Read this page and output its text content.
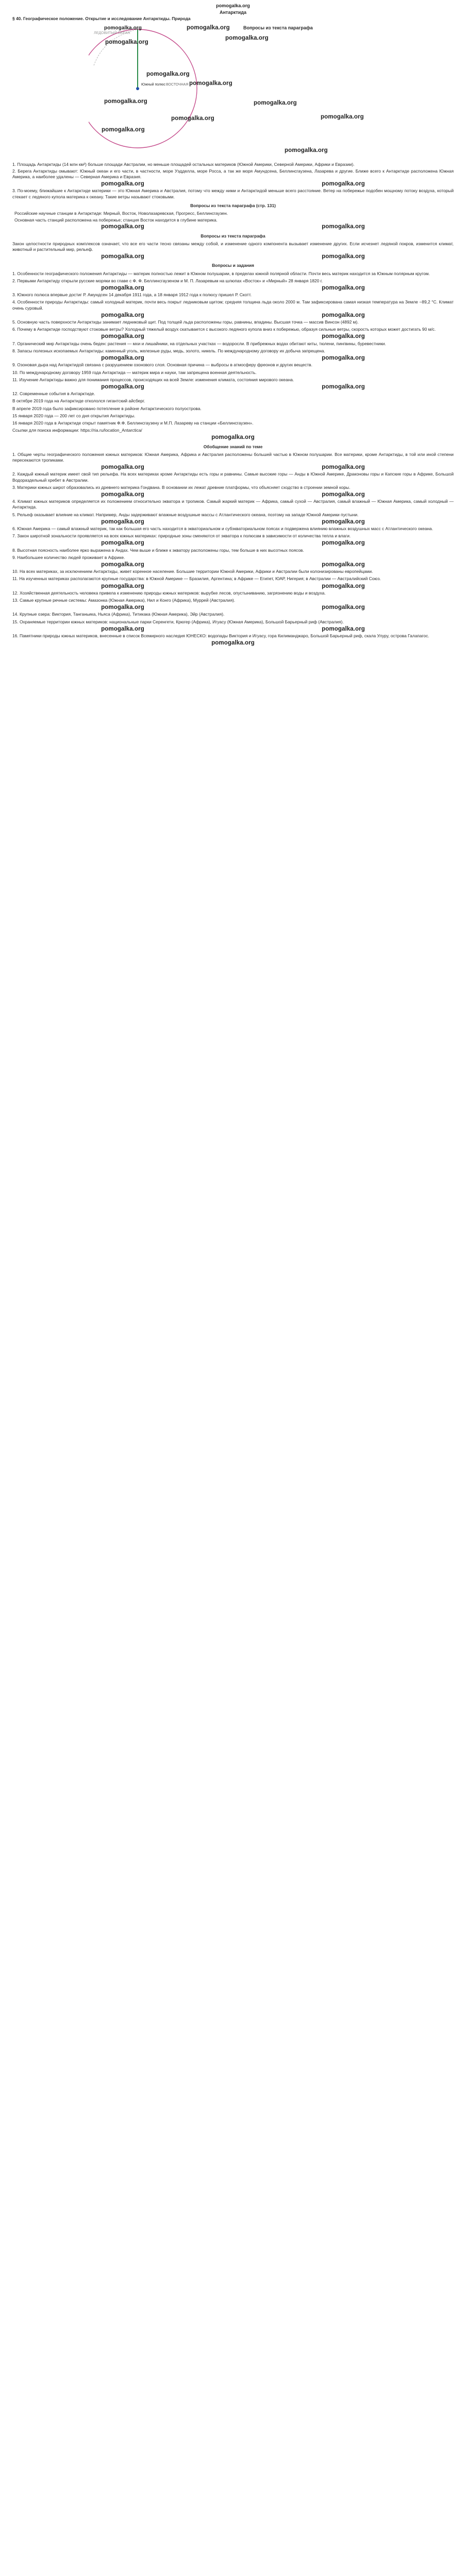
pomogalka.org
Антарктида
§ 40. Географическое положение. Открытие и исследование Антарктиды. Природа
pomogalka.org	pomogalka.org
ЛЕДОВИТЫЙ ОКЕАН
Южный полюс ВОСТОЧНАЯ
pomogalka.org
pomogalka.org
pomogalka.org
pomogalka.org
pomogalka.org
pomogalka.org
pomogalka.org
pomogalka.org	pomogalka.org
pomogalka.org
Вопросы из текста параграфа
1. Площадь Антарктиды (14 млн км²) больше площади Австралии, но меньше площадей остальных материков (Южной Америки, Северной Америки, Африки и Евразии).
2. Берега Антарктиды омывают: Южный океан и его части, в частности, море Уэдделла, море Росса, а так же моря Амундсена, Беллинсгаузена, Лазарева и другие. Ближе всего к Антарктиде расположена Южная Америка, а наиболее удалены — Северная Америка и Евразия.
pomogalka.org	pomogalka.org
3. По-моему, ближайшие к Антарктиде материки — это Южная Америка и Австралия, потому что между ними и Антарктидой меньше всего расстояние. Ветер на побережье подобен мощному потоку воздуха, который стекает с ледяного купола материка к океану. Такие ветры называют стоковыми.
Вопросы из текста параграфа (стр. 131)
Российские научные станции в Антарктиде: Мирный, Восток, Новолазаревская, Прогресс, Беллинсгаузен.
Основная часть станций расположена на побережье; станция Восток находится в глубине материка.
pomogalka.org	pomogalka.org
Вопросы из текста параграфа
Закон целостности природных комплексов означает, что все его части тесно связаны между собой, и изменение одного компонента вызывает изменение других. Если исчезнет ледяной покров, изменится климат, животный и растительный мир, рельеф.
pomogalka.org	pomogalka.org
Вопросы и задания
1. Особенности географического положения Антарктиды — материк полностью лежит в Южном полушарии, в пределах южной полярной области. Почти весь материк находится за Южным полярным кругом.
2. Первыми Антарктиду открыли русские моряки во главе с Ф. Ф. Беллинсгаузеном и М. П. Лазаревым на шлюпах «Восток» и «Мирный» 28 января 1820 г.
pomogalka.org	pomogalka.org
3. Южного полюса впервые достиг Р. Амундсен 14 декабря 1911 года, а 18 января 1912 года к полюсу пришел Р. Скотт.
4. Особенности природы Антарктиды: самый холодный материк, почти весь покрыт ледниковым щитом; средняя толщина льда около 2000 м. Там зафиксирована самая низкая температура на Земле −89,2 °С. Климат очень суровый.
pomogalka.org	pomogalka.org
5. Основную часть поверхности Антарктиды занимает ледниковый щит. Под толщей льда расположены горы, равнины, впадины. Высшая точка — массив Винсон (4892 м).
6. Почему в Антарктиде господствуют стоковые ветры? Холодный тяжелый воздух скатывается с высокого ледяного купола вниз к побережью, образуя сильные ветры, скорость которых может достигать 90 м/с.
pomogalka.org	pomogalka.org
7. Органический мир Антарктиды очень беден: растения — мхи и лишайники, на отдельных участках — водоросли. В прибрежных водах обитают киты, тюлени, пингвины, буревестники.
8. Запасы полезных ископаемых Антарктиды: каменный уголь, железные руды, медь, золото, никель. По международному договору их добыча запрещена.
pomogalka.org	pomogalka.org
9. Озоновая дыра над Антарктидой связана с разрушением озонового слоя. Основная причина — выбросы в атмосферу фреонов и других веществ.
10. По международному договору 1959 года Антарктида — материк мира и науки, там запрещена военная деятельность.
11. Изучение Антарктиды важно для понимания процессов, происходящих на всей Земле: изменения климата, состояния мирового океана.
pomogalka.org	pomogalka.org
12. Современные события в Антарктиде.
В октябре 2019 года на Антарктиде откололся гигантский айсберг.
В апреле 2019 года было зафиксировано потепление в районе Антарктического полуострова.
15 января 2020 года — 200 лет со дня открытия Антарктиды.
16 января 2020 года в Антарктиде открыт памятник Ф.Ф. Беллинсгаузену и М.П. Лазареву на станции «Беллинсгаузен».
Ссылки для поиска информации: https://ria.ru/location_Antarctica/
pomogalka.org
Обобщение знаний по теме
1. Общие черты географического положения южных материков: Южная Америка, Африка и Австралия расположены большей частью в Южном полушарии. Все материки, кроме Антарктиды, в той или иной степени пересекаются тропиками.
pomogalka.org	pomogalka.org
2. Каждый южный материк имеет свой тип рельефа. На всех материках кроме Антарктиды есть горы и равнины. Самые высокие горы — Анды в Южной Америке, Драконовы горы и Капские горы в Африке, Большой Водораздельный хребет в Австралии.
3. Материки южных широт образовались из древнего материка Гондвана. В основании их лежат древние платформы, что объясняет сходство в строении земной коры.
pomogalka.org	pomogalka.org
4. Климат южных материков определяется их положением относительно экватора и тропиков. Самый жаркий материк — Африка, самый сухой — Австралия, самый влажный — Южная Америка, самый холодный — Антарктида.
5. Рельеф оказывает влияние на климат. Например, Анды задерживают влажные воздушные массы с Атлантического океана, поэтому на западе Южной Америки пустыни.
pomogalka.org	pomogalka.org
6. Южная Америка — самый влажный материк, так как большая его часть находится в экваториальном и субэкваториальном поясах и подвержена влиянию влажных воздушных масс с Атлантического океана.
7. Закон широтной зональности проявляется на всех южных материках: природные зоны сменяются от экватора к полюсам в зависимости от количества тепла и влаги.
pomogalka.org	pomogalka.org
8. Высотная поясность наиболее ярко выражена в Андах. Чем выше и ближе к экватору расположены горы, тем больше в них высотных поясов.
9. Наибольшее количество людей проживает в Африке.
pomogalka.org	pomogalka.org
10. На всех материках, за исключением Антарктиды, живет коренное население. Большие территории Южной Америки, Африки и Австралии были колонизированы европейцами.
11. На изученных материках располагаются крупные государства: в Южной Америке — Бразилия, Аргентина; в Африке — Египет, ЮАР, Нигерия; в Австралии — Австралийский Союз.
pomogalka.org	pomogalka.org
12. Хозяйственная деятельность человека привела к изменению природы южных материков: вырубке лесов, опустыниванию, загрязнению воды и воздуха.
13. Самые крупные речные системы: Амазонка (Южная Америка), Нил и Конго (Африка), Муррей (Австралия).
pomogalka.org	pomogalka.org
14. Крупные озера: Виктория, Танганьика, Ньяса (Африка), Титикака (Южная Америка), Эйр (Австралия).
15. Охраняемые территории южных материков: национальные парки Серенгети, Крюгер (Африка), Игуасу (Южная Америка), Большой Барьерный риф (Австралия).
pomogalka.org	pomogalka.org
16. Памятники природы южных материков, внесенные в список Всемирного наследия ЮНЕСКО: водопады Виктория и Игуасу, гора Килиманджаро, Большой Барьерный риф, скала Улуру, острова Галапагос.
pomogalka.org
